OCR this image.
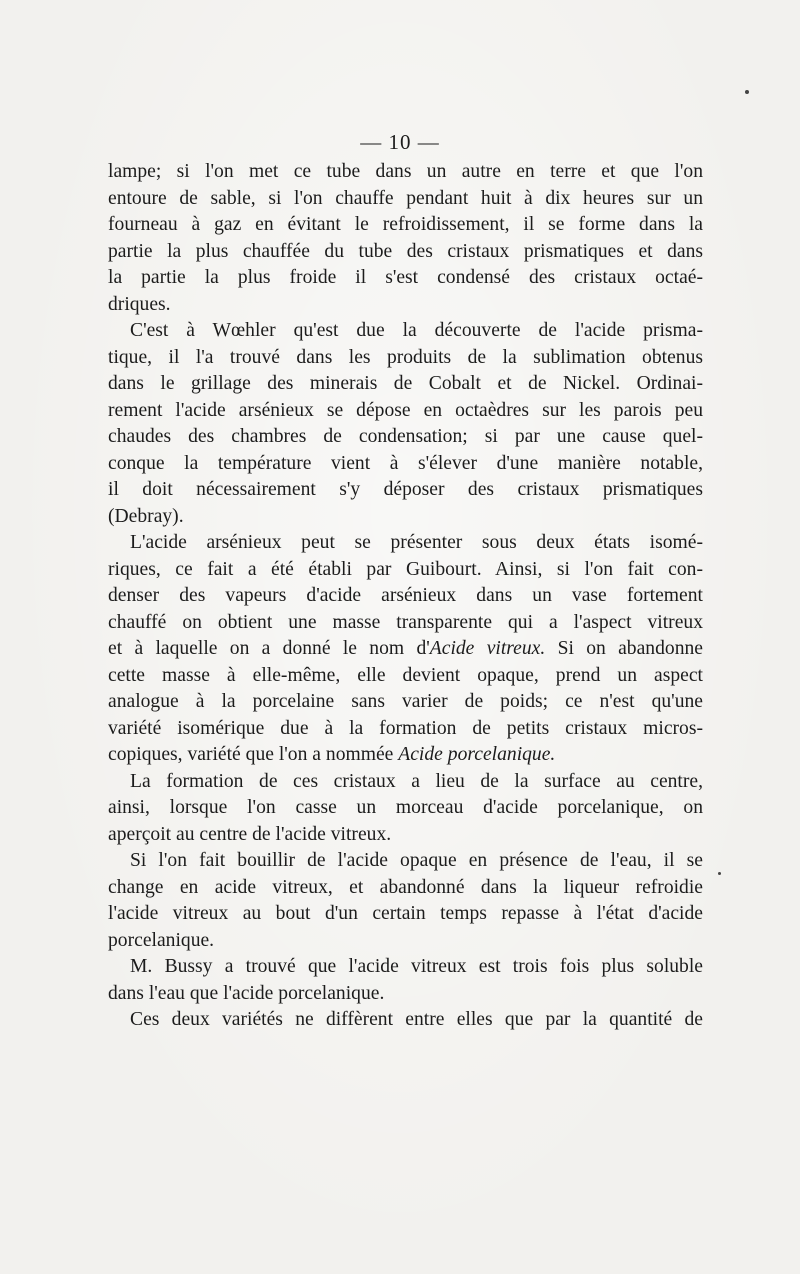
— 10 —
lampe; si l'on met ce tube dans un autre en terre et que l'on
entoure de sable, si l'on chauffe pendant huit à dix heures sur un
fourneau à gaz en évitant le refroidissement, il se forme dans la
partie la plus chauffée du tube des cristaux prismatiques et dans
la partie la plus froide il s'est condensé des cristaux octaé-
driques.
C'est à Wœhler qu'est due la découverte de l'acide prisma-
tique, il l'a trouvé dans les produits de la sublimation obtenus
dans le grillage des minerais de Cobalt et de Nickel. Ordinai-
rement l'acide arsénieux se dépose en octaèdres sur les parois peu
chaudes des chambres de condensation; si par une cause quel-
conque la température vient à s'élever d'une manière notable,
il doit nécessairement s'y déposer des cristaux prismatiques
(Debray).
L'acide arsénieux peut se présenter sous deux états isomé-
riques, ce fait a été établi par Guibourt. Ainsi, si l'on fait con-
denser des vapeurs d'acide arsénieux dans un vase fortement
chauffé on obtient une masse transparente qui a l'aspect vitreux
et à laquelle on a donné le nom d'Acide vitreux. Si on abandonne
cette masse à elle-même, elle devient opaque, prend un aspect
analogue à la porcelaine sans varier de poids; ce n'est qu'une
variété isomérique due à la formation de petits cristaux micros-
copiques, variété que l'on a nommée Acide porcelanique.
La formation de ces cristaux a lieu de la surface au centre,
ainsi, lorsque l'on casse un morceau d'acide porcelanique, on
aperçoit au centre de l'acide vitreux.
Si l'on fait bouillir de l'acide opaque en présence de l'eau, il se
change en acide vitreux, et abandonné dans la liqueur refroidie
l'acide vitreux au bout d'un certain temps repasse à l'état d'acide
porcelanique.
M. Bussy a trouvé que l'acide vitreux est trois fois plus soluble
dans l'eau que l'acide porcelanique.
Ces deux variétés ne diffèrent entre elles que par la quantité de
